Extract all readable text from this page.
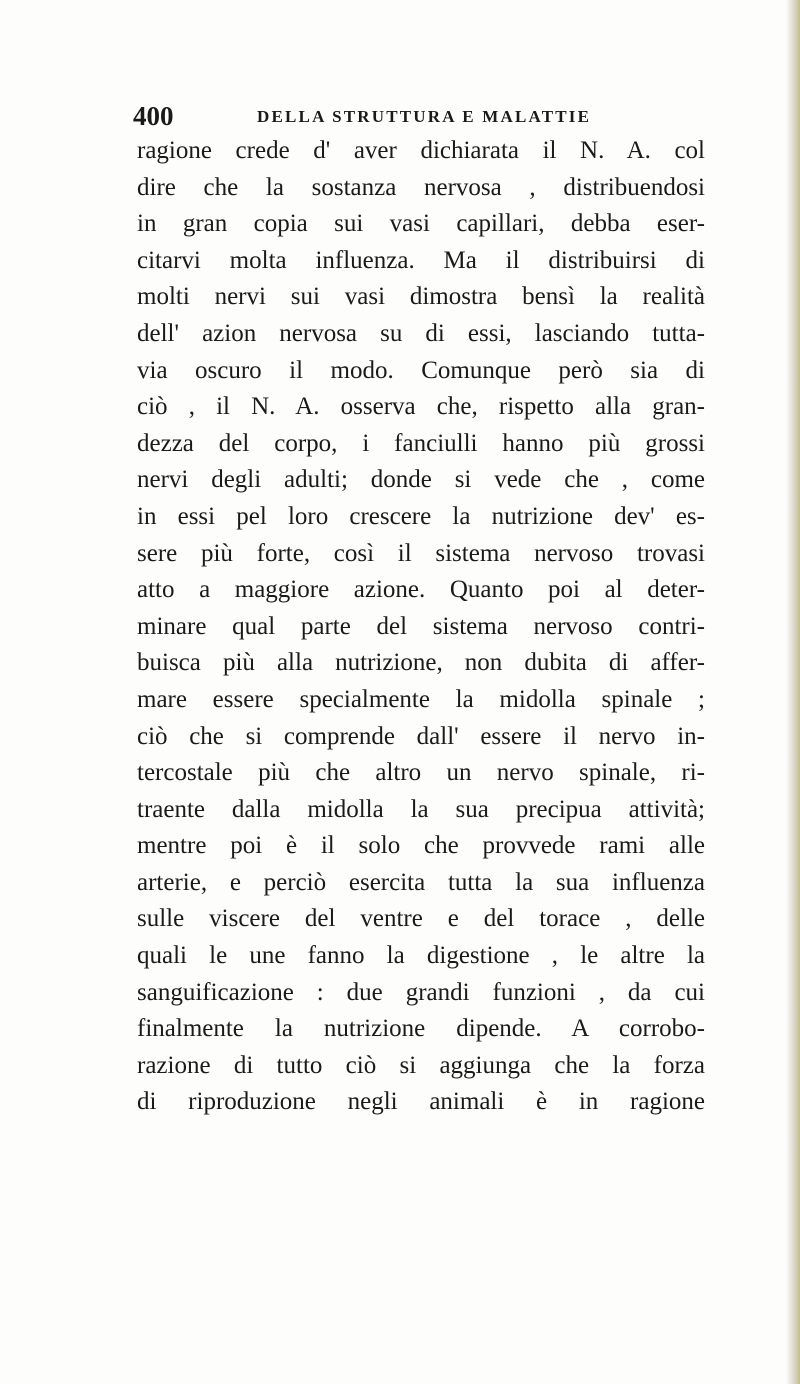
400	DELLA STRUTTURA E MALATTIE
ragione crede d' aver dichiarata il N. A. col
dire che la sostanza nervosa , distribuendosi
in gran copia sui vasi capillari, debba eser-
citarvi molta influenza. Ma il distribuirsi di
molti nervi sui vasi dimostra bensì la realità
dell' azion nervosa su di essi, lasciando tutta-
via oscuro il modo. Comunque però sia di
ciò , il N. A. osserva che, rispetto alla gran-
dezza del corpo, i fanciulli hanno più grossi
nervi degli adulti; donde si vede che , come
in essi pel loro crescere la nutrizione dev' es-
sere più forte, così il sistema nervoso trovasi
atto a maggiore azione. Quanto poi al deter-
minare qual parte del sistema nervoso contri-
buisca più alla nutrizione, non dubita di affer-
mare essere specialmente la midolla spinale ;
ciò che si comprende dall' essere il nervo in-
tercostale più che altro un nervo spinale, ri-
traente dalla midolla la sua precipua attività;
mentre poi è il solo che provvede rami alle
arterie, e perciò esercita tutta la sua influenza
sulle viscere del ventre e del torace , delle
quali le une fanno la digestione , le altre la
sanguificazione : due grandi funzioni , da cui
finalmente la nutrizione dipende. A corrobo-
razione di tutto ciò si aggiunga che la forza
di riproduzione negli animali è in ragione
